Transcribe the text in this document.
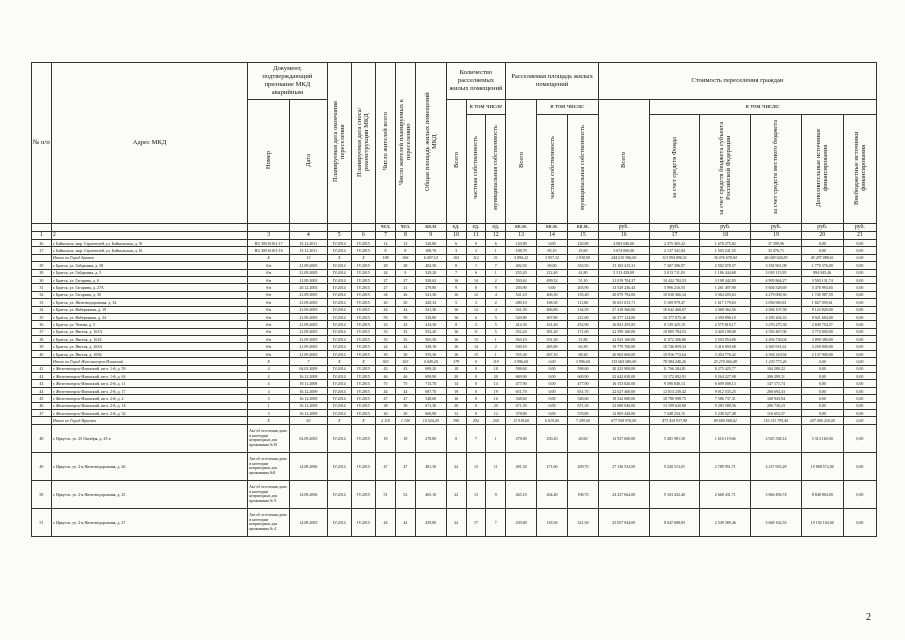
№ п/п	Адрес МКД	Документ, подтверждающий признание МКД аварийным		Планируемая дата окончания переселения	Планируемая дата сноса/реконструкции МКД	Число жителей всего	Число жителей планируемых к переселению	Общая площадь жилых помещений МКД	Количество расселяемых жилых помещений			Расселяемая площадь жилых помещений			Стоимость переселения граждан					
		Номер	Дата						Всего	в том числе		Всего	в том числе:		Всего	в том числе:				
										частная собственность	муниципальная собственность		частная собственность	муниципальная собственность		за счет средств Фонда	за счет средств бюджета субъекта Российской Федерации	за счет средств местного бюджета	Дополнительные источники финансирования	Внебюджетные источники финансирования
						чел.	чел.	кв.м	ед.	ед.	ед.	кв.м.	кв.м.	кв.м.	руб.	руб.	руб.	руб.	руб.	руб.
1	2	3	4	5	6	7	8	9	10	11	12	13	14	15	16	17	18	19	20	21
26	г. Байкальск, мкр. Строителей, ул. Байкальская, д. 91	RU 38516101-17	15.12.2011	IV.2014	IV.2015	12	12	120,80	6	0	6	120,80	0,00	120,80	4 083 040,00	2 375 365,22	1 670 275,82	37 399,96	0,00	0,00
27	г. Байкальск, мкр. Строителей, ул. Байкальская, д. 61	RU 38516101-16	15.12.2011	IV.2014	IV.2015	8	8	108,70	3	2	1	108,70	85,10	23,60	3 674 060,00	2 137 341,84	1 503 241,55	33 476,71	0,00	0,00
	Итого по Город Братск	X	13	X	X	198	366	6 407,14	163	112	51	5 896,22	3 957,32	1 938,90	244 619 386,00	113 994 896,51	36 076 678,94	46 049 924,83	45 297 888,61	0,00
29	г. Братск, ул. Гайдамака, д. 58	б/н	21.09.2005	IV.2014	IV.2015	28	28	402,50	8	1	7	402,50	69,00	333,50	13 163 415,31	7 367 396,97	2 502 078,37	3 182 961,08	1 770 376,00	0,00
29	г. Братск, ул. Гайдамака, д. 5	б/н	21.09.2005	IV.2014	IV.2015	24	8	329,20	7	6	1	255,20	212,40	41,80	5 513 439,09	5 013 711,03	1 186 444,68	3 018 115,95	894 945,46	0,00
30	г. Братск, ул. Гагарина, д. 6	б/н	21.09.2005	IV.2014	IV.2015	27	27	550,62	16	14	2	550,62	499,52	51,10	21 019 704,37	10 422 782,53	3 198 442,83	4 995 864,27	3 503 131,74	0,00
31	г. Братск, ул. Гагарина, д. 27А	б/н	20.12.2005	IV.2014	IV.2015	27	21	279,80	9	0	9	203,90	0,00	203,90	13 529 236,44	5 996 216,55	1 261 497,90	5 604 528,69	5 476 993,65	0,00
32	г. Братск, ул. Гагарина, д. 30	б/н	21.09.2005	IV.2014	IV.2015	34	26	541,30	16	12	4	541,10	406,30	135,40	20 079 794,00	10 630 366,34	3 364 203,63	4 279 006,36	1 745 987,59	0,00
33	г. Братск, ул. Железнодорожная, д. 32	б/н	21.09.2005	IV.2014	IV.2015	20	20	420,32	5	3	2	280,10	168,30	111,80	10 651 013,71	5 169 979,47	1 617 179,63	2 056 965,81	1 827 059,61	0,00
34	г. Братск, ул. Набережная, д. 19	б/н	21.09.2005	IV.2014	IV.2015	44	44	541,30	16	12	4	541,30	406,80	134,50	27 418 560,00	10 642 460,07	3 368 362,56	4 284 197,38	9 123 820,00	0,00
35	г. Братск, ул. Набережная, д. 24	б/н	21.09.2005	IV.2014	IV.2015	59	59	529,80	16	6	5	529,80	307,80	221,00	26 577 124,00	10 377 075,30	3 350 896,10	4 185 264,33	8 921 684,00	0,00
36	г. Братск, ул. Чехова, д. 5	б/н	21.09.2005	IV.2014	IV.2015	23	23	414,30	8	3	5	414,30	161,40	252,90	16 841 293,85	8 139 425,19	2 575 818,17	3 276 275,38	2 849 754,27	0,00
37	г. Братск, ул. Янгеля, д. 161А	б/н	21.09.2005	IV.2014	IV.2015	33	33	552,20	16	11	5	552,20	381,20	171,00	22 599 160,00	10 805 784,53	3 420 198,08	4 350 467,00	3 774 000,00	0,00
38	г. Братск, ул. Янгеля, д. 161Б	б/н	21.09.2005	IV.2014	IV.2015	35	35	565,30	16	15	1	563,10	531,30	31,80	22 923 160,00	11 072 306,86	3 503 954,80	4 456 736,04	3 890 380,00	0,00
39	г. Братск, ул. Янгеля, д. 163А	б/н	21.09.2005	IV.2014	IV.2015	24	24	549,10	16	14	2	549,10	485,80	63,30	19 779 760,00	10 746 859,33	3 416 850,68	4 365 931,61	3 250 000,00	0,00
40	г. Братск, ул. Янгеля, д. 165Б	б/н	21.09.2005	IV.2014	IV.2015	30	30	555,30	16	15	1	555,30	487,10	68,20	20 903 660,00	10 916 772,64	3 454 776,42	4 394 210,94	2 137 900,00	0,00
	Итого по Город Железногорск-Илимский	X	7	X	X	363	363	4 049,20	179	0	119	3 996,60	0,00	3 996,60	135 065 080,00	78 584 246,26	25 270 060,48	1 230 773,26	0,00	0,00
41	г. Железногорск-Илимский, кв-л. 1-й, д. 59	4	04.03.2009	IV.2014	IV.2015	43	43	699,20	18	0	18	598,60	0,00	598,60	20 225 900,00	11 766 204,81	8 275 425,77	184 280,22	0,00	0,00
42	г. Железногорск-Илимский, кв-л. 1-й, д. 63	2	16.12.2009	IV.2014	IV.2015	46	46	699,90	20	0	20	669,90	0,00	669,90	22 642 630,00	13 172 092,91	9 264 227,98	206 299,11	0,00	0,00
43	г. Железногорск-Илимский, кв-л. 2-й, д. 11	4	19.11.2008	IV.2014	IV.2015	75	75	715,70	14	0	14	477,90	0,00	477,90	16 153 020,00	9 396 840,13	6 609 008,13	147 171,74	0,00	0,00
44	г. Железногорск-Илимский, кв-л. 2-й, д. 17	4	16.12.2009	IV.2014	IV.2015	44	44	687,70	19	0	19	651,70	0,00	651,70	22 027 460,00	12 814 230,42	9 012 535,25	200 694,33	0,00	0,00
45	г. Железногорск-Илимский, кв-л. 2-й, д. 2	3	16.12.2009	IV.2014	IV.2015	47	47	548,60	16	0	16	548,60	0,00	548,60	18 542 680,00	10 786 998,75	7 586 737,31	168 943,94	0,00	0,00
46	г. Железногорск-Илимский, кв-л. 2-й, д. 14	1	16.12.2009	IV.2014	IV.2015	38	38	671,30	20	0	20	671,30	0,00	671,30	22 689 940,00	13 199 620,80	9 283 588,56	206 730,23	0,00	0,00
47	г. Железногорск-Илимский, кв-л. 2-й, д. 32	3	16.12.2009	IV.2014	IV.2015	20	20	600,90	12	0	12	378,80	0,00	378,80	12 803 440,00	7 448 254,15	5 238 527,48	116 653,37	0,00	0,00
	Итого по Город Иркутск	X	50	X	X	2 110	1 100	14 524,20	396	292	204	13 918,60	6 619,60	7 299,00	677 958 976,00	473 434 937,98	80 680 568,62	116 311 795,40	207 400 250,00	0,00
48	г. Иркутск, ул. 25 Октября, д. 25-а	Акт об отселении дома в категории непригодных для проживания №18	02.09.2005	IV.2014	IV.2015	18	18	278,80	8	7	1	278,80	250,20	28,60	12 937 600,00	5 481 981,50	1 616 119,66	2 925 338,14	5 314 160,00	0,00
49	г. Иркутск, ул. 2-я Железнодорожная, д. 26	Акт об отселении дома в категории непригодных для проживания №8	14.08.2006	IV.2014	IV.2015	47	47	481,30	24	13	11	481,30	271,60	209,70	27 136 532,00	9 220 513,01	2 789 951,71	4 237 655,28	10 868 572,00	0,00
50	г. Иркутск, ул. 2-я Железнодорожная, д. 25	Акт об отселении дома в категории непригодных для проживания № 9	14.08.2006	IV.2014	IV.2015	51	52	465,10	22	13	9	465,10	264,40	198,70	24 237 664,00	9 103 432,40	2 668 431,71	3 866 496,74	8 848 804,00	0,00
51	г. Иркутск, ул. 2-я Железнодорожная, д. 27	Акт об отселении дома в категории непригодных для проживания № 4	14.08.2005	IV.2014	IV.2015	44	44	439,80	24	17	7	439,80	118,30	321,50	25 057 944,00	8 647 688,83	2 549 389,46	3 668 162,53	10 192 104,00	0,00
2
